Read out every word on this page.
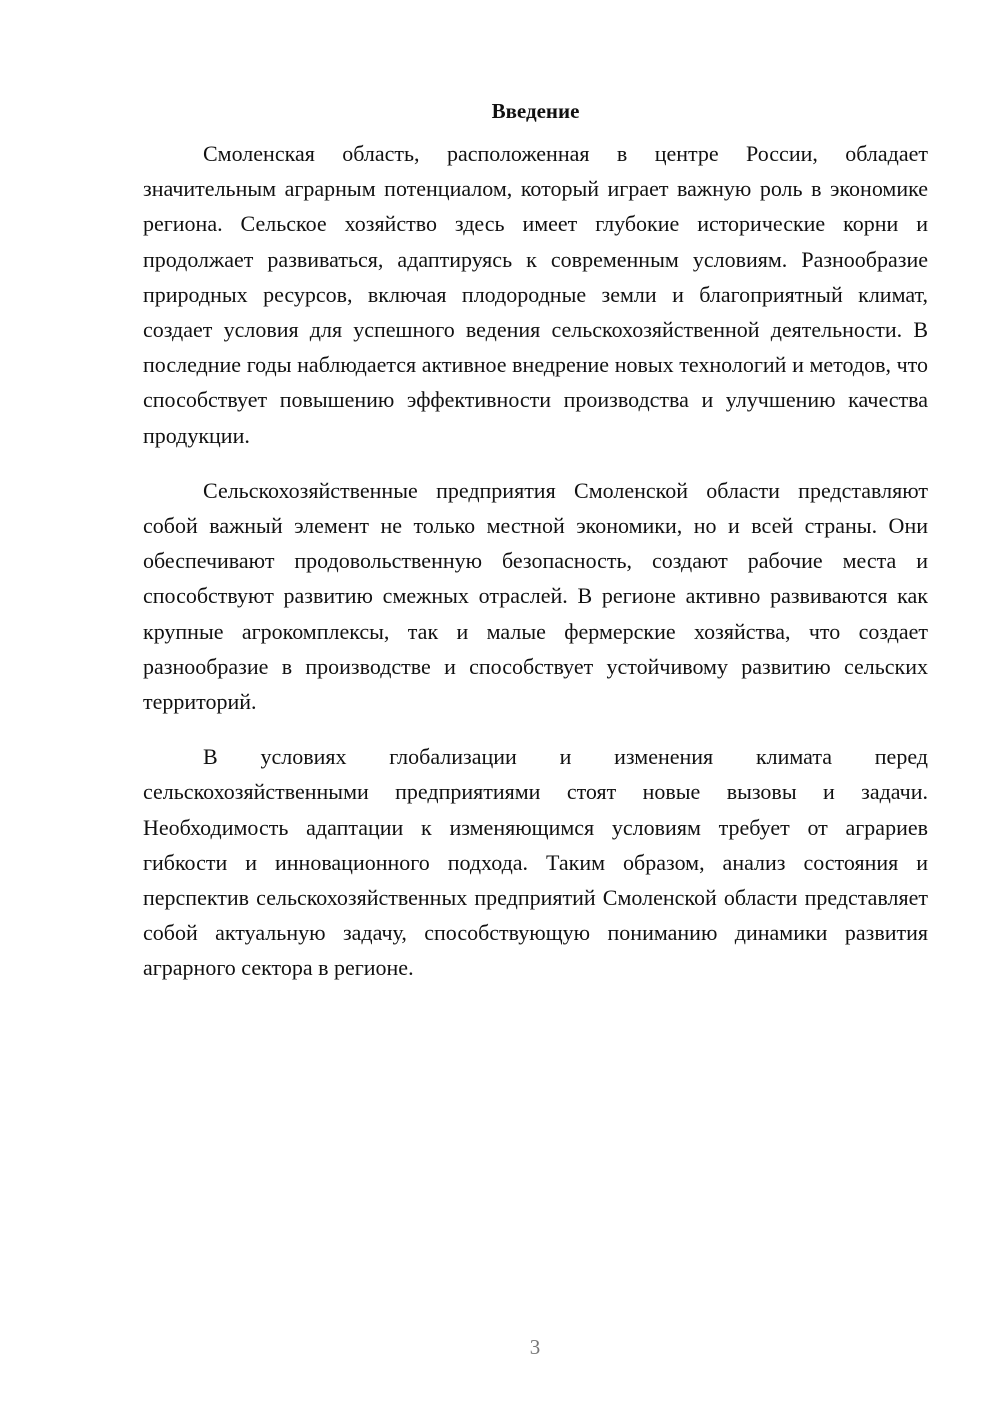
Введение

Смоленская область, расположенная в центре России, обладает значительным аграрным потенциалом, который играет важную роль в экономике региона. Сельское хозяйство здесь имеет глубокие исторические корни и продолжает развиваться, адаптируясь к современным условиям. Разнообразие природных ресурсов, включая плодородные земли и благоприятный климат, создает условия для успешного ведения сельскохозяйственной деятельности. В последние годы наблюдается активное внедрение новых технологий и методов, что способствует повышению эффективности производства и улучшению качества продукции.

Сельскохозяйственные предприятия Смоленской области представляют собой важный элемент не только местной экономики, но и всей страны. Они обеспечивают продовольственную безопасность, создают рабочие места и способствуют развитию смежных отраслей. В регионе активно развиваются как крупные агрокомплексы, так и малые фермерские хозяйства, что создает разнообразие в производстве и способствует устойчивому развитию сельских территорий.

В условиях глобализации и изменения климата перед сельскохозяйственными предприятиями стоят новые вызовы и задачи. Необходимость адаптации к изменяющимся условиям требует от аграриев гибкости и инновационного подхода. Таким образом, анализ состояния и перспектив сельскохозяйственных предприятий Смоленской области представляет собой актуальную задачу, способствующую пониманию динамики развития аграрного сектора в регионе.

3
